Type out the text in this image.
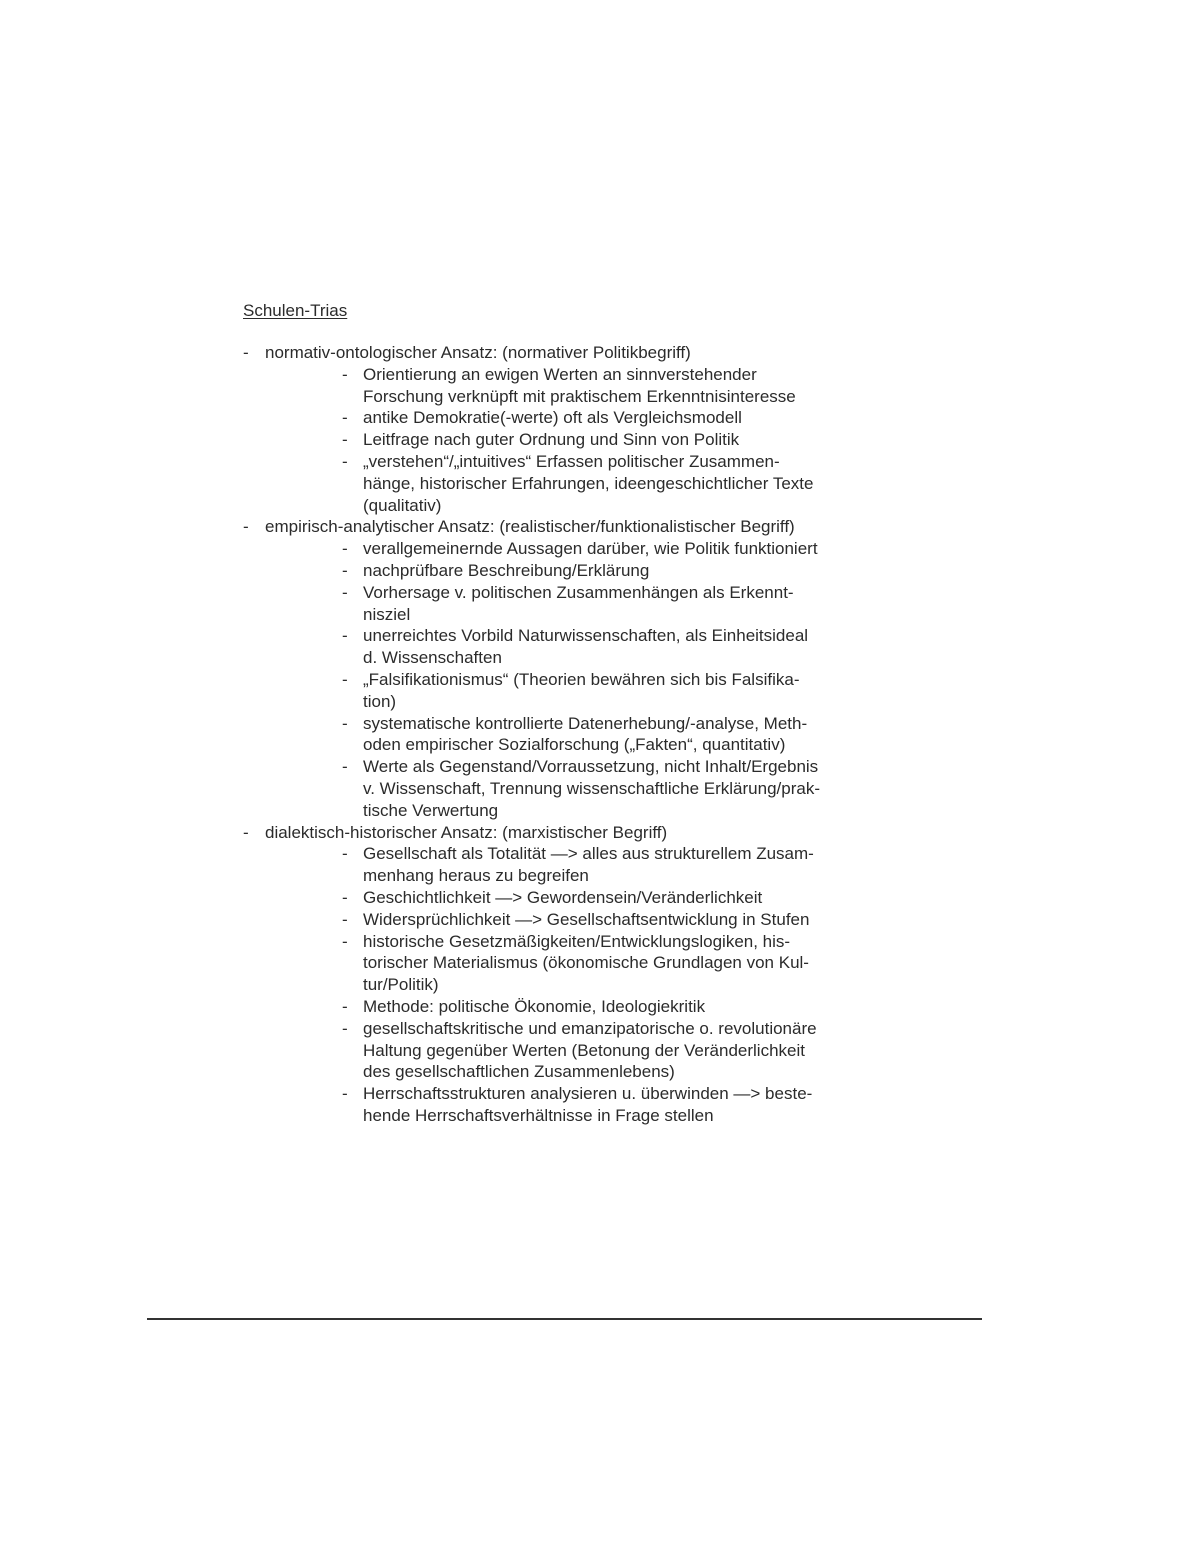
Schulen-Trias
- normativ-ontologischer Ansatz: (normativer Politikbegriff)
- Orientierung an ewigen Werten an sinnverstehender
Forschung verknüpft mit praktischem Erkenntnisinteresse
- antike Demokratie(-werte) oft als Vergleichsmodell
- Leitfrage nach guter Ordnung und Sinn von Politik
- „verstehen“/„intuitives“ Erfassen politischer Zusammen-
hänge, historischer Erfahrungen, ideengeschichtlicher Texte
(qualitativ)
- empirisch-analytischer Ansatz: (realistischer/funktionalistischer Begriff)
- verallgemeinernde Aussagen darüber, wie Politik funktioniert
- nachprüfbare Beschreibung/Erklärung
- Vorhersage v. politischen Zusammenhängen als Erkennt-
nisziel
- unerreichtes Vorbild Naturwissenschaften, als Einheitsideal
d. Wissenschaften
- „Falsifikationismus“ (Theorien bewähren sich bis Falsifika-
tion)
- systematische kontrollierte Datenerhebung/-analyse, Meth-
oden empirischer Sozialforschung („Fakten“, quantitativ)
- Werte als Gegenstand/Vorraussetzung, nicht Inhalt/Ergebnis
v. Wissenschaft, Trennung wissenschaftliche Erklärung/prak-
tische Verwertung
- dialektisch-historischer Ansatz: (marxistischer Begriff)
- Gesellschaft als Totalität —> alles aus strukturellem Zusam-
menhang heraus zu begreifen
- Geschichtlichkeit —> Gewordensein/Veränderlichkeit
- Widersprüchlichkeit —> Gesellschaftsentwicklung in Stufen
- historische Gesetzmäßigkeiten/Entwicklungslogiken, his-
torischer Materialismus (ökonomische Grundlagen von Kul-
tur/Politik)
- Methode: politische Ökonomie, Ideologiekritik
- gesellschaftskritische und emanzipatorische o. revolutionäre
Haltung gegenüber Werten (Betonung der Veränderlichkeit
des gesellschaftlichen Zusammenlebens)
- Herrschaftsstrukturen analysieren u. überwinden —> beste-
hende Herrschaftsverhältnisse in Frage stellen
